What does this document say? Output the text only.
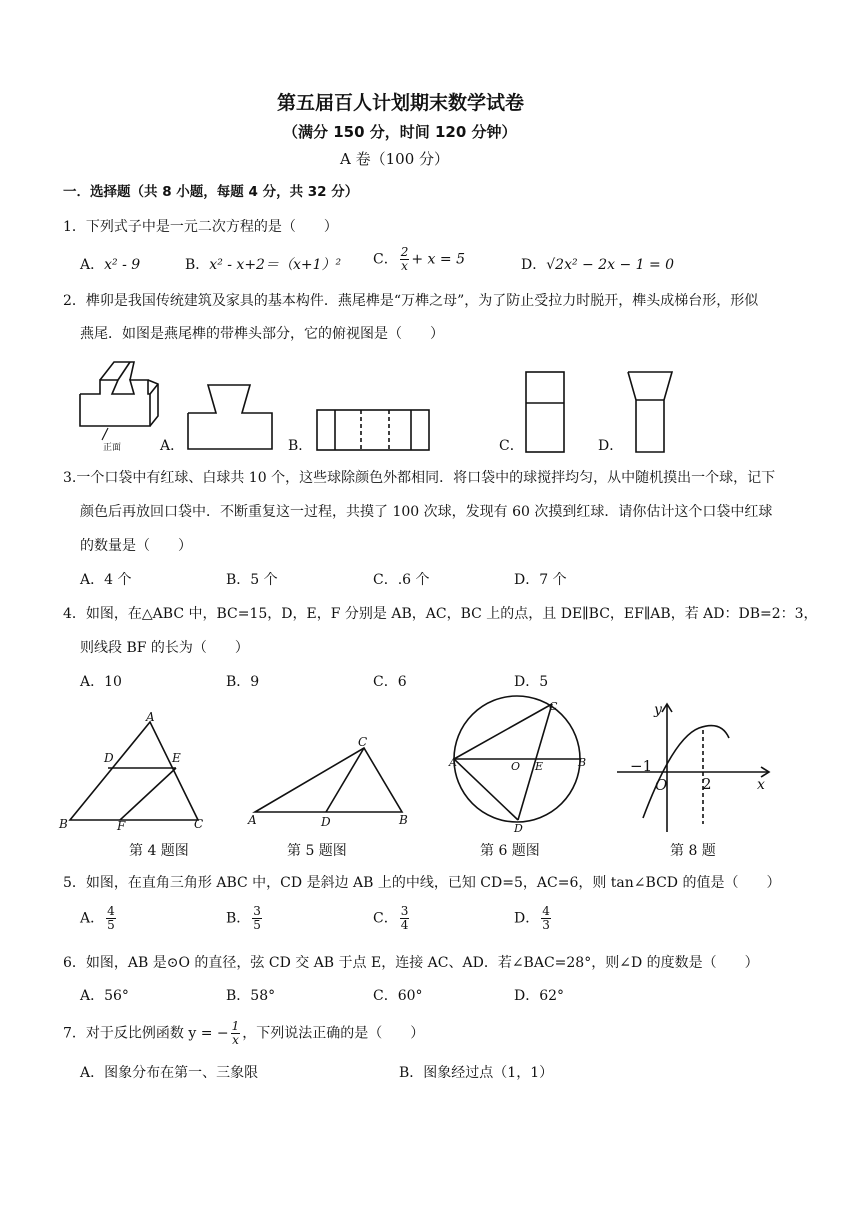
第五届百人计划期末数学试卷
（满分 150 分，时间 120 分钟）
A 卷（100 分）
一．选择题（共 8 小题，每题 4 分，共 32 分）
1．下列式子中是一元二次方程的是（　　）
A．x² - 9	B．x² - x+2＝（x+1）² C． $\frac{2}{x} + x = 5$	D．√2x² − 2x − 1 = 0
2．榫卯是我国传统建筑及家具的基本构件．燕尾榫是“万榫之母”，为了防止受拉力时脱开，榫头成梯台形，形似
燕尾．如图是燕尾榫的带榫头部分，它的俯视图是（　　）
正面	A．	B．	C．	D．
3.一个口袋中有红球、白球共 10 个，这些球除颜色外都相同．将口袋中的球搅拌均匀，从中随机摸出一个球，记下
颜色后再放回口袋中．不断重复这一过程，共摸了 100 次球，发现有 60 次摸到红球．请你估计这个口袋中红球
的数量是（　　）
A．4 个	B．5 个	C．.6 个	D．7 个
4．如图，在△ABC 中，BC=15，D，E，F 分别是 AB，AC，BC 上的点，且 DE∥BC，EF∥AB，若 AD：DB=2：3，
则线段 BF 的长为（　　）
A．10	B．9	C．6	D．5
A
D	E
B	F	C
第 4 题图
C
A	D	B
第 5 题图
C
A	O E	B
D
第 6 题图
y
x
−1
O 2
第 8 题
5．如图，在直角三角形 ABC 中，CD 是斜边 AB 上的中线，已知 CD=5，AC=6，则 tan∠BCD 的值是（　　）
A． $\frac{4}{5}$	B． $\frac{3}{5}$	C． $\frac{3}{4}$	D． $\frac{4}{3}$
6．如图，AB 是⊙O 的直径，弦 CD 交 AB 于点 E，连接 AC、AD．若∠BAC=28°，则∠D 的度数是（　　）
A．56°	B．58°	C．60°	D．62°
7．对于反比例函数 y = − $\frac{1}{x}$ ，下列说法正确的是（　　）
A．图象分布在第一、三象限	B．图象经过点（1，1）
